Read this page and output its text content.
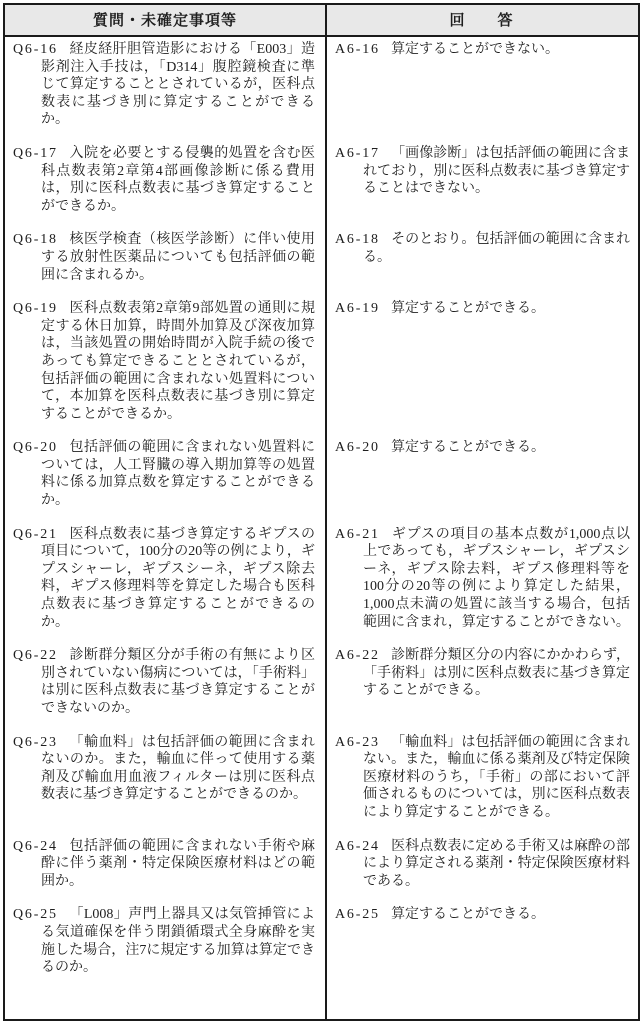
質問・未確定事項等	回　　答
Q6-16 経皮経肝胆管造影における「E003」造影剤注入手技は，「D314」腹腔鏡検査に準じて算定することとされているが，医科点数表に基づき別に算定することができるか。
A6-16 算定することができない。
Q6-17 入院を必要とする侵襲的処置を含む医科点数表第2章第4部画像診断に係る費用は，別に医科点数表に基づき算定することができるか。
A6-17 「画像診断」は包括評価の範囲に含まれており，別に医科点数表に基づき算定することはできない。
Q6-18 核医学検査（核医学診断）に伴い使用する放射性医薬品についても包括評価の範囲に含まれるか。
A6-18 そのとおり。包括評価の範囲に含まれる。
Q6-19 医科点数表第2章第9部処置の通則に規定する休日加算，時間外加算及び深夜加算は，当該処置の開始時間が入院手続の後であっても算定できることとされているが，包括評価の範囲に含まれない処置料について，本加算を医科点数表に基づき別に算定することができるか。
A6-19 算定することができる。
Q6-20 包括評価の範囲に含まれない処置料については，人工腎臓の導入期加算等の処置料に係る加算点数を算定することができるか。
A6-20 算定することができる。
Q6-21 医科点数表に基づき算定するギプスの項目について，100分の20等の例により，ギプスシャーレ，ギプスシーネ，ギプス除去料，ギプス修理料等を算定した場合も医科点数表に基づき算定することができるのか。
A6-21 ギプスの項目の基本点数が1,000点以上であっても，ギプスシャーレ，ギプスシーネ，ギプス除去料，ギプス修理料等を100分の20等の例により算定した結果，1,000点未満の処置に該当する場合，包括範囲に含まれ，算定することができない。
Q6-22 診断群分類区分が手術の有無により区別されていない傷病については，「手術料」は別に医科点数表に基づき算定することができないのか。
A6-22 診断群分類区分の内容にかかわらず，「手術料」は別に医科点数表に基づき算定することができる。
Q6-23 「輸血料」は包括評価の範囲に含まれないのか。また，輸血に伴って使用する薬剤及び輸血用血液フィルターは別に医科点数表に基づき算定することができるのか。
A6-23 「輸血料」は包括評価の範囲に含まれない。また，輸血に係る薬剤及び特定保険医療材料のうち，「手術」の部において評価されるものについては，別に医科点数表により算定することができる。
Q6-24 包括評価の範囲に含まれない手術や麻酔に伴う薬剤・特定保険医療材料はどの範囲か。
A6-24 医科点数表に定める手術又は麻酔の部により算定される薬剤・特定保険医療材料である。
Q6-25 「L008」声門上器具又は気管挿管による気道確保を伴う閉鎖循環式全身麻酔を実施した場合，注7に規定する加算は算定できるのか。
A6-25 算定することができる。
